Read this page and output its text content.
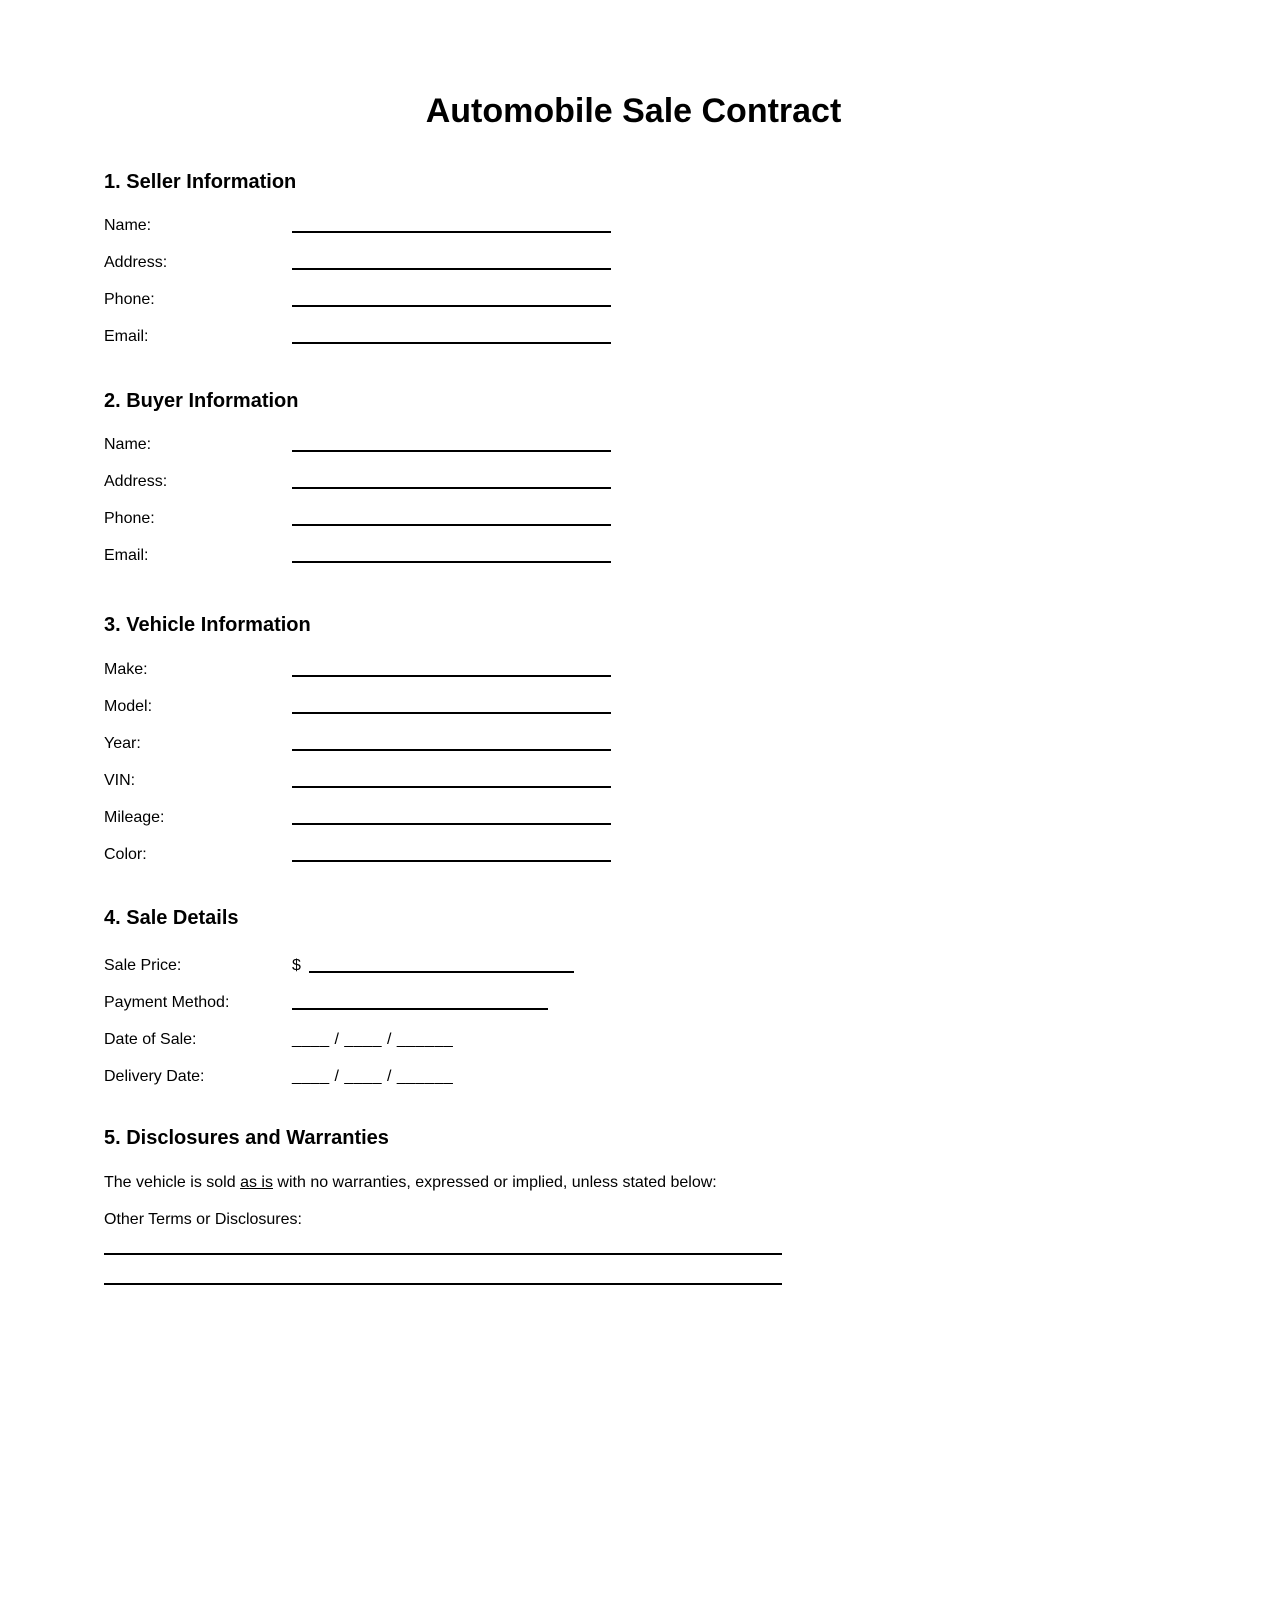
Automobile Sale Contract
1. Seller Information
Name:
Address:
Phone:
Email:
2. Buyer Information
Name:
Address:
Phone:
Email:
3. Vehicle Information
Make:
Model:
Year:
VIN:
Mileage:
Color:
4. Sale Details
Sale Price:	$
Payment Method:
Date of Sale:	____ / ____ / ______
Delivery Date:	____ / ____ / ______
5. Disclosures and Warranties

The vehicle is sold as is with no warranties, expressed or implied, unless stated below:

Other Terms or Disclosures:
